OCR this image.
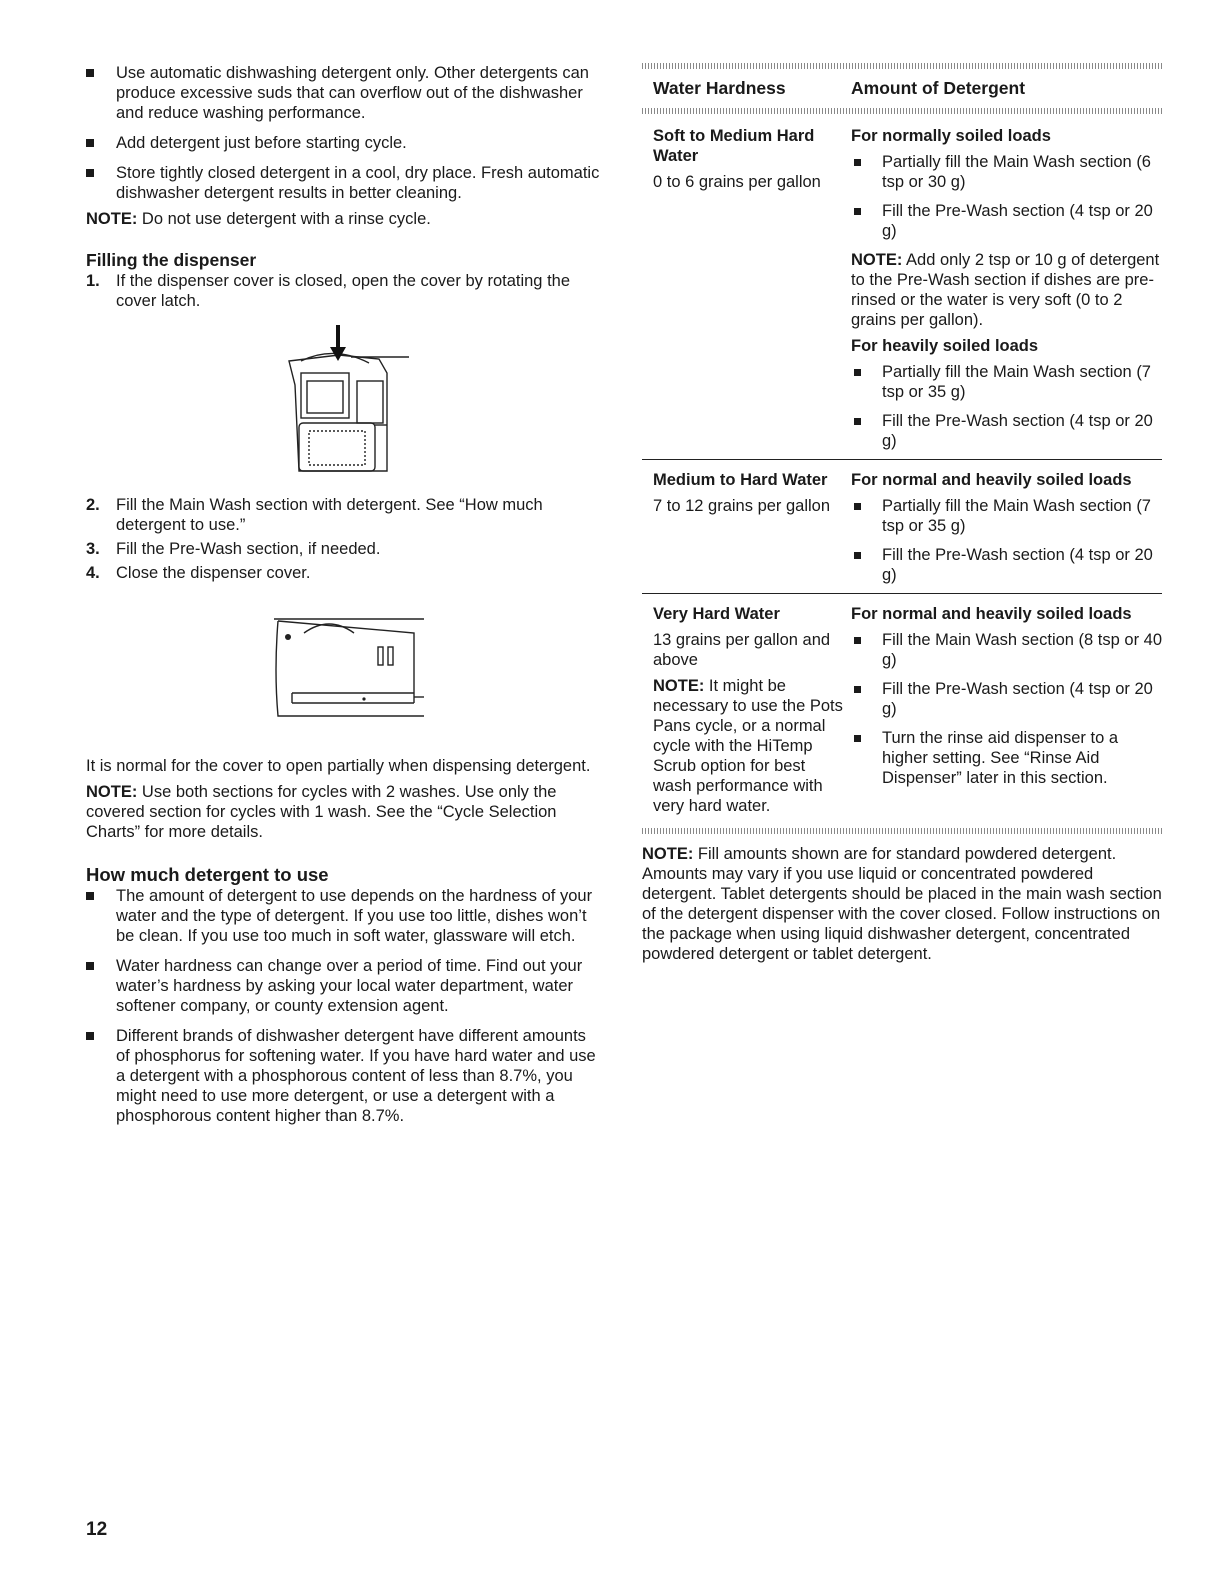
Use automatic dishwashing detergent only. Other detergents can produce excessive suds that can overflow out of the dishwasher and reduce washing performance.
Add detergent just before starting cycle.
Store tightly closed detergent in a cool, dry place. Fresh automatic dishwasher detergent results in better cleaning.

NOTE: Do not use detergent with a rinse cycle.

Filling the dispenser
1. If the dispenser cover is closed, open the cover by rotating the cover latch.
2. Fill the Main Wash section with detergent. See “How much detergent to use.”
3. Fill the Pre-Wash section, if needed.
4. Close the dispenser cover.

It is normal for the cover to open partially when dispensing detergent.

NOTE: Use both sections for cycles with 2 washes. Use only the covered section for cycles with 1 wash. See the “Cycle Selection Charts” for more details.

How much detergent to use
The amount of detergent to use depends on the hardness of your water and the type of detergent. If you use too little, dishes won’t be clean. If you use too much in soft water, glassware will etch.
Water hardness can change over a period of time. Find out your water’s hardness by asking your local water department, water softener company, or county extension agent.
Different brands of dishwasher detergent have different amounts of phosphorus for softening water. If you have hard water and use a detergent with a phosphorous content of less than 8.7%, you might need to use more detergent, or use a detergent with a phosphorous content higher than 8.7%.
Water Hardness	Amount of Detergent
Soft to Medium Hard Water

0 to 6 grains per gallon

For normally soiled loads
Partially fill the Main Wash section (6 tsp or 30 g)
Fill the Pre-Wash section (4 tsp or 20 g)

NOTE: Add only 2 tsp or 10 g of detergent to the Pre-Wash section if dishes are pre-rinsed or the water is very soft (0 to 2 grains per gallon).

For heavily soiled loads
Partially fill the Main Wash section (7 tsp or 35 g)
Fill the Pre-Wash section (4 tsp or 20 g)
Medium to Hard Water

7 to 12 grains per gallon

For normal and heavily soiled loads
Partially fill the Main Wash section (7 tsp or 35 g)
Fill the Pre-Wash section (4 tsp or 20 g)
Very Hard Water

13 grains per gallon and above

NOTE: It might be necessary to use the Pots Pans cycle, or a normal cycle with the HiTemp Scrub option for best wash performance with very hard water.

For normal and heavily soiled loads
Fill the Main Wash section (8 tsp or 40 g)
Fill the Pre-Wash section (4 tsp or 20 g)
Turn the rinse aid dispenser to a higher setting. See “Rinse Aid Dispenser” later in this section.

NOTE: Fill amounts shown are for standard powdered detergent. Amounts may vary if you use liquid or concentrated powdered detergent. Tablet detergents should be placed in the main wash section of the detergent dispenser with the cover closed. Follow instructions on the package when using liquid dishwasher detergent, concentrated powdered detergent or tablet detergent.

12
